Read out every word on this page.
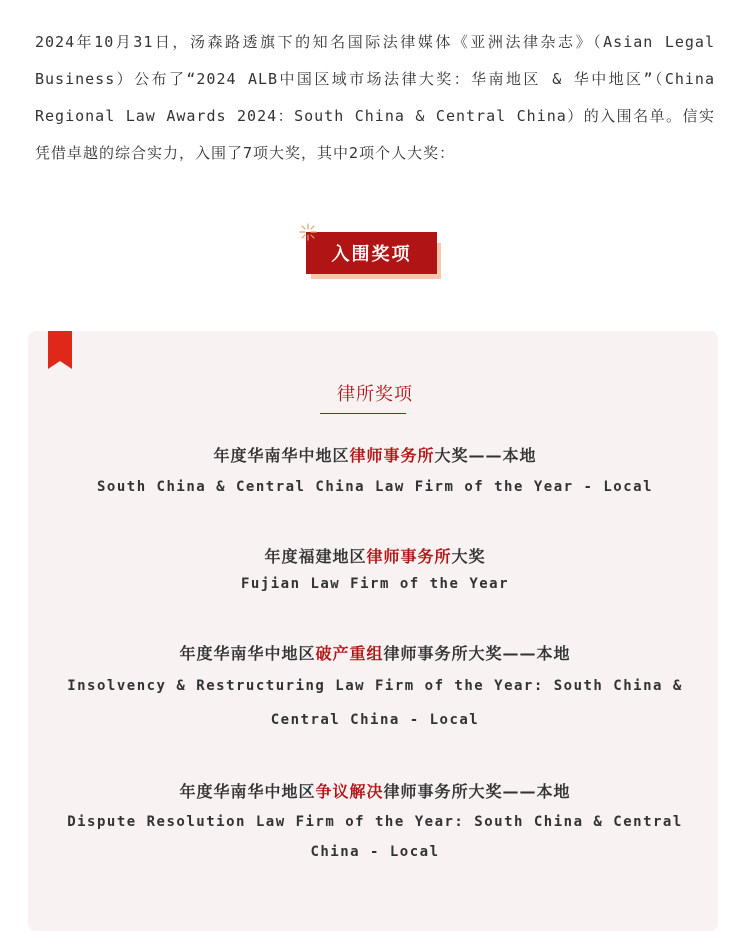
2024年10月31日，汤森路透旗下的知名国际法律媒体《亚洲法律杂志》（Asian Legal Business）公布了“2024 ALB中国区域市场法律大奖：华南地区 & 华中地区”（China Regional Law Awards 2024：South China & Central China）的入围名单。信实凭借卓越的综合实力，入围了7项大奖，其中2项个人大奖：
入围奖项
律所奖项
年度华南华中地区律师事务所大奖——本地
South China & Central China Law Firm of the Year - Local
年度福建地区律师事务所大奖
Fujian Law Firm of the Year
年度华南华中地区破产重组律师事务所大奖——本地
Insolvency & Restructuring Law Firm of the Year: South China & Central China - Local
年度华南华中地区争议解决律师事务所大奖——本地
Dispute Resolution Law Firm of the Year: South China & Central China - Local
